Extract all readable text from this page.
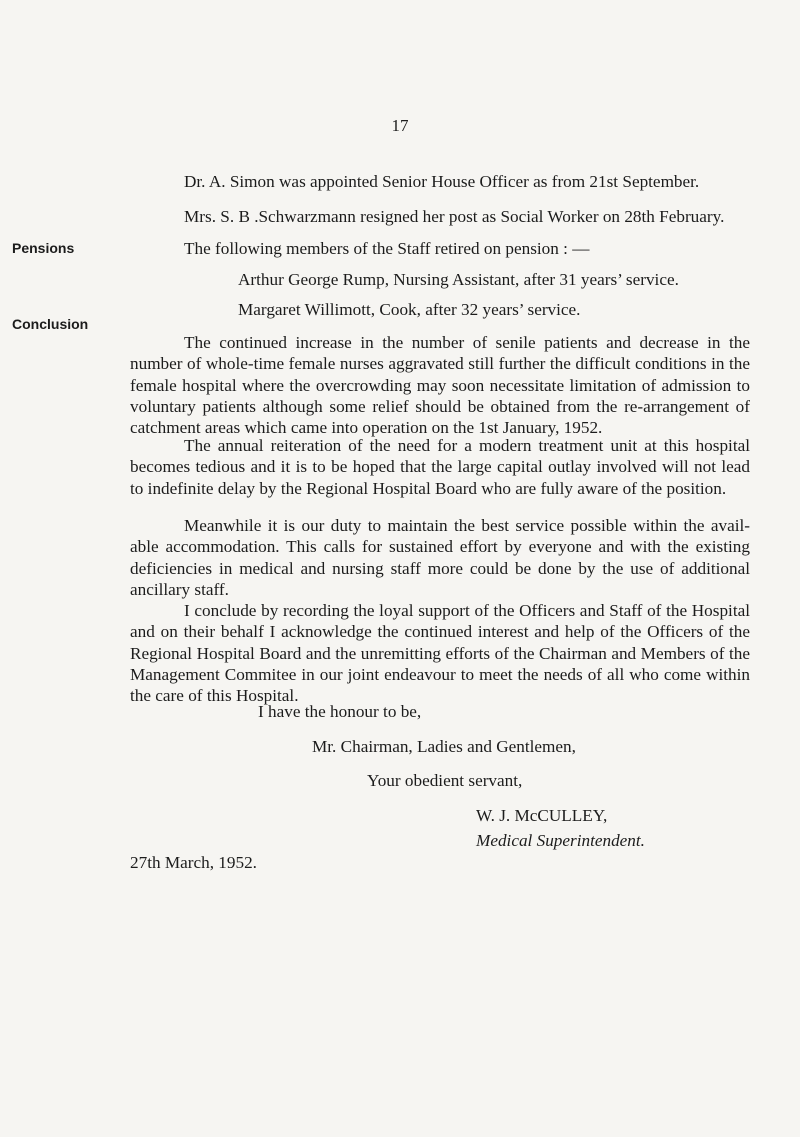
17
Pensions
Conclusion
Dr. A. Simon was appointed Senior House Officer as from 21st September.
Mrs. S. B .Schwarzmann resigned her post as Social Worker on 28th February.
The following members of the Staff retired on pension : —
Arthur George Rump, Nursing Assistant, after 31 years’ service.
Margaret Willimott, Cook, after 32 years’ service.
The continued increase in the number of senile patients and decrease in the number of whole-time female nurses aggravated still further the difficult conditions in the female hospital where the overcrowding may soon necessitate limitation of admission to voluntary patients although some relief should be obtained from the re-arrangement of catchment areas which came into operation on the 1st January, 1952.
The annual reiteration of the need for a modern treatment unit at this hospital becomes tedious and it is to be hoped that the large capital outlay involved will not lead to indefinite delay by the Regional Hospital Board who are fully aware of the position.
Meanwhile it is our duty to maintain the best service possible within the avail- able accommodation. This calls for sustained effort by everyone and with the existing deficiencies in medical and nursing staff more could be done by the use of additional ancillary staff.
I conclude by recording the loyal support of the Officers and Staff of the Hospital and on their behalf I acknowledge the continued interest and help of the Officers of the Regional Hospital Board and the unremitting efforts of the Chairman and Members of the Management Commitee in our joint endeavour to meet the needs of all who come within the care of this Hospital.
I have the honour to be,
Mr. Chairman, Ladies and Gentlemen,
Your obedient servant,
W. J. McCULLEY,
Medical Superintendent.
27th March, 1952.
